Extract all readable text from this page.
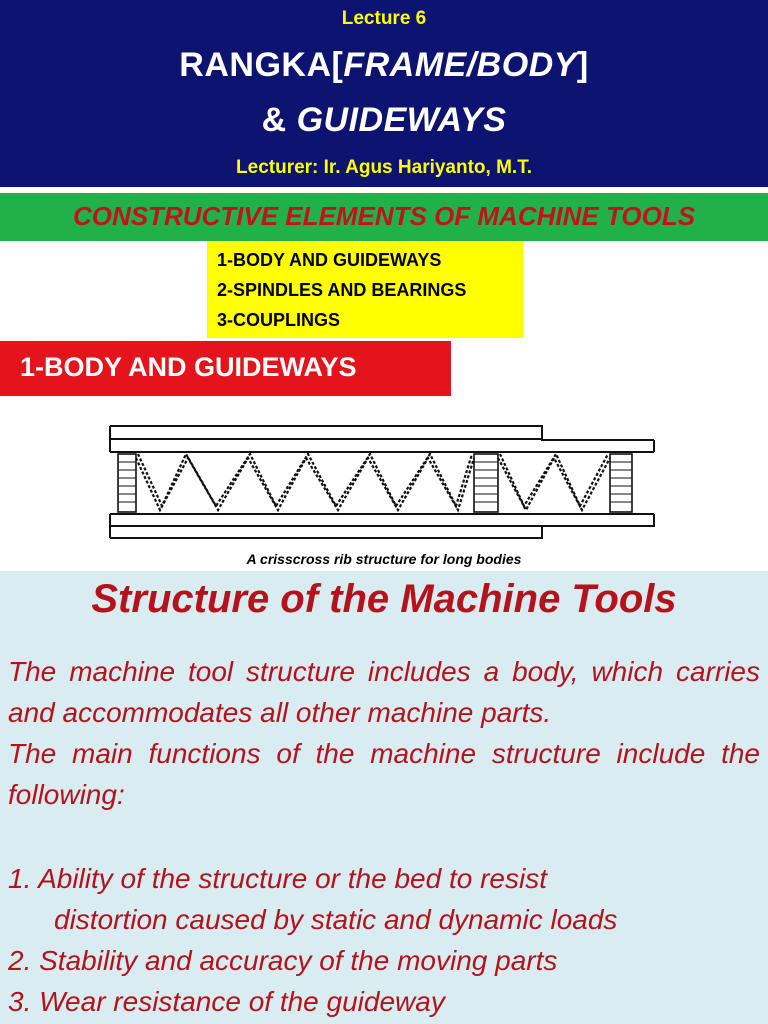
Lecture 6
RANGKA[FRAME/BODY]
& GUIDEWAYS
Lecturer: Ir. Agus Hariyanto, M.T.
CONSTRUCTIVE ELEMENTS OF MACHINE TOOLS
1-BODY AND GUIDEWAYS
2-SPINDLES AND BEARINGS
3-COUPLINGS
1-BODY AND GUIDEWAYS
A crisscross rib structure for long bodies
Structure of the Machine Tools

The machine tool structure includes a body, which carries and accommodates all other machine parts.

The main functions of the machine structure include the following:

1. Ability of the structure or the bed to resist
distortion caused by static and dynamic loads
2. Stability and accuracy of the moving parts
3. Wear resistance of the guideway
